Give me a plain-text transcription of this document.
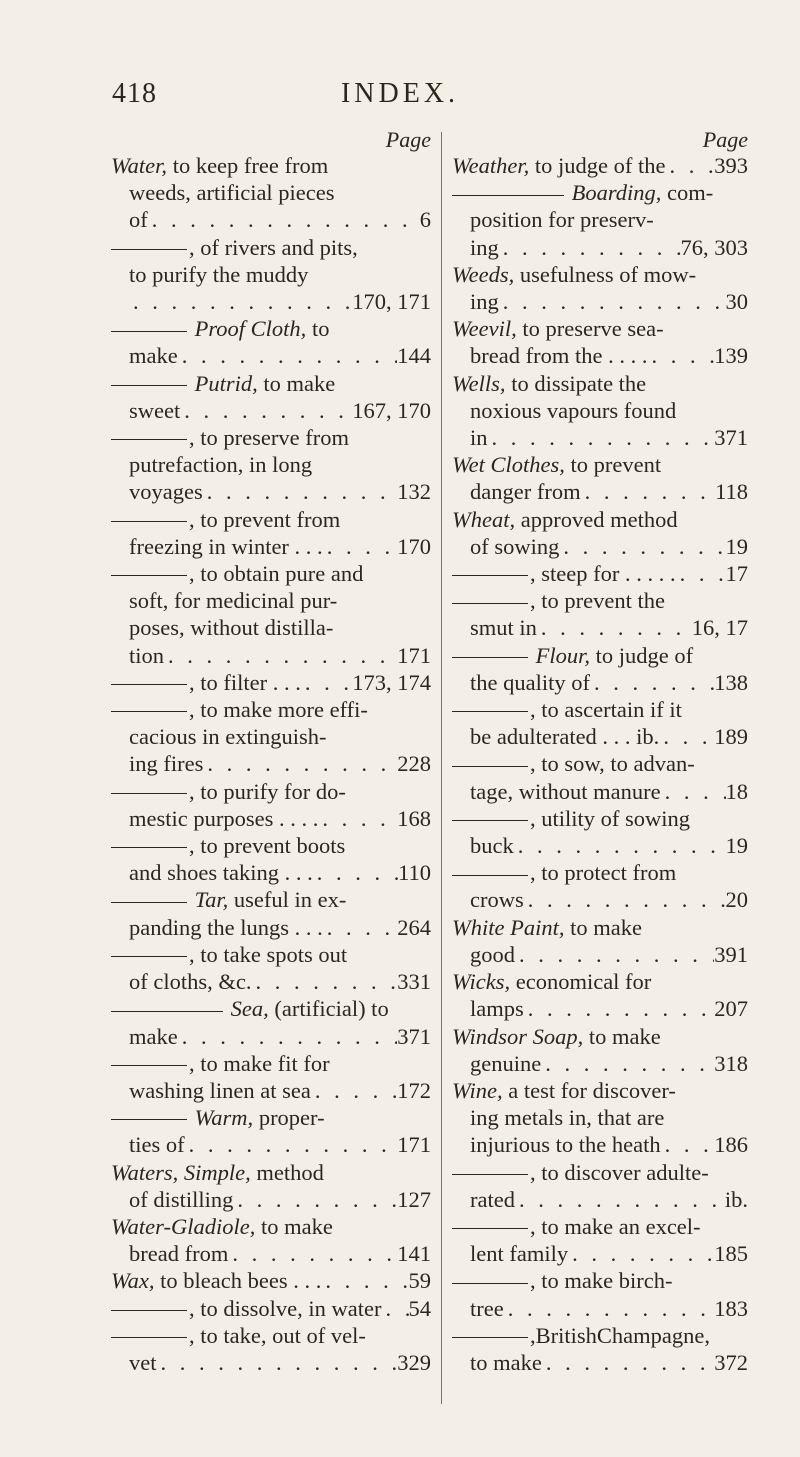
418	INDEX.
Page
Water, to keep free from
weeds, artificial pieces
of . . .	6
, of rivers and pits,
to purify the muddy
. . .
170, 171
Proof Cloth, to
make . . .	144
Putrid, to make
sweet . . .	167, 170
, to preserve from
putrefaction, in long
voyages . . .	132
, to prevent from
freezing in winter . . . . . .	170
, to obtain pure and
soft, for medicinal pur-
poses, without distilla-
tion . . .	171
, to filter . . . . . . 173, 174
, to make more effi-
cacious in extinguish-
ing fires . . .	228
, to purify for do-
mestic purposes . . . . . . .	168
, to prevent boots
and shoes taking . . . . . .	110
Tar, useful in ex-
panding the lungs . . . . . .	264
, to take spots out
of cloths, &c. . . .	331
Sea, (artificial) to
make . . .	371
, to make fit for
washing linen at sea . . .	172
Warm, proper-
ties of . . .	171
Waters, Simple, method
of distilling . . .	127
Water-Gladiole, to make
bread from . . .	141
Wax, to bleach bees . . . . . .	59
, to dissolve, in water . . . 54
, to take, out of vel-
vet . . .	329
Page
Weather, to judge of the . . . 393
Boarding, com-
position for preserv-
ing . . .	76, 303
Weeds, usefulness of mow-
ing . . .	30
Weevil, to preserve sea-
bread from the . . . . . . .	139
Wells, to dissipate the
noxious vapours found
in . . .	371
Wet Clothes, to prevent
danger from . . .	118
Wheat, approved method
of sowing . . .	19
, steep for . . . . . . . . 17
, to prevent the
smut in . . .	16, 17
Flour, to judge of
the quality of . . .	138
, to ascertain if it
be adulterated . . . ib. . . . 189
, to sow, to advan-
tage, without manure . . .	18
, utility of sowing
buck . . .	19
, to protect from
crows . . .	20
White Paint, to make
good . . .	391
Wicks, economical for
lamps . . .	207
Windsor Soap, to make
genuine . . .	318
Wine, a test for discover-
ing metals in, that are
injurious to the heath . . . 186
, to discover adulte-
rated . . .	ib.
, to make an excel-
lent family . . .	185
, to make birch-
tree . . .	183
,BritishChampagne,
to make . . .	372
